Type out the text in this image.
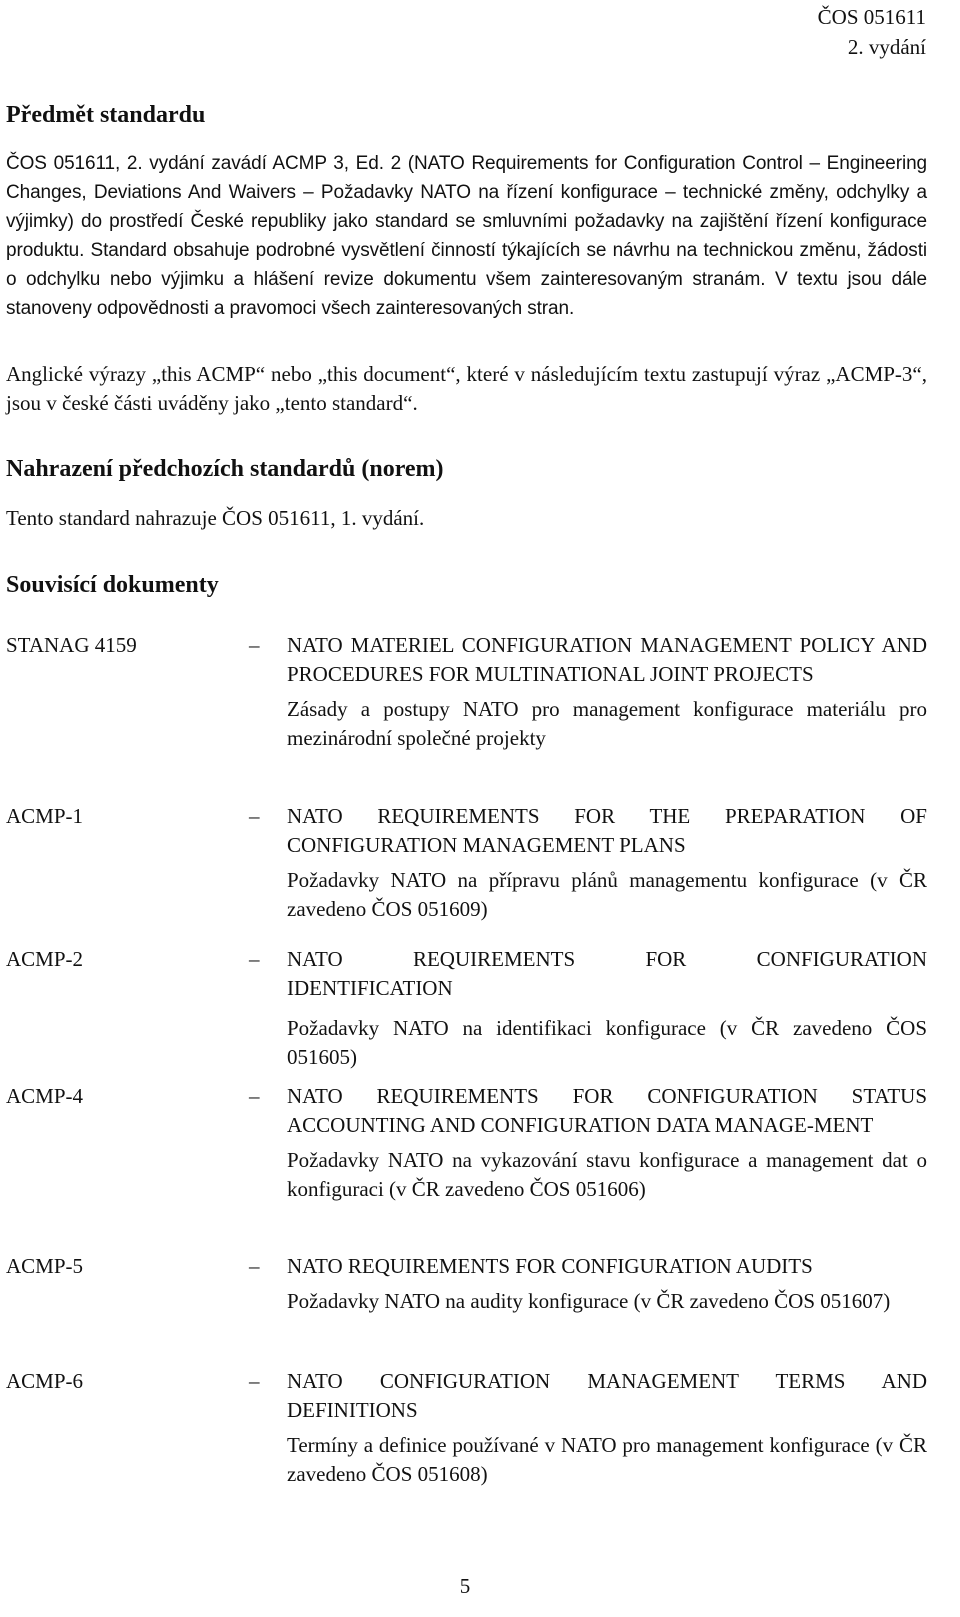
ČOS 051611
2. vydání
Předmět standardu

ČOS 051611, 2. vydání zavádí ACMP 3, Ed. 2 (NATO Requirements for Configuration Control – Engineering Changes, Deviations And Waivers – Požadavky NATO na řízení konfigurace – technické změny, odchylky a výjimky) do prostředí České republiky jako standard se smluvními požadavky na zajištění řízení konfigurace produktu. Standard obsahuje podrobné vysvětlení činností týkajících se návrhu na technickou změnu, žádosti o odchylku nebo výjimku a hlášení revize dokumentu všem zainteresovaným stranám. V textu jsou dále stanoveny odpovědnosti a pravomoci všech zainteresovaných stran.

Anglické výrazy „this ACMP“ nebo „this document“, které v následujícím textu zastupují výraz „ACMP-3“, jsou v české části uváděny jako „tento standard“.

Nahrazení předchozích standardů (norem)

Tento standard nahrazuje ČOS 051611, 1. vydání.

Souvisící dokumenty
STANAG 4159	– NATO MATERIEL CONFIGURATION MANAGEMENT POLICY AND PROCEDURES FOR MULTINATIONAL JOINT PROJECTS

Zásady a postupy NATO pro management konfigurace materiálu pro mezinárodní společné projekty

ACMP-1	– NATO REQUIREMENTS FOR THE PREPARATION OF CONFIGURATION MANAGEMENT PLANS

Požadavky NATO na přípravu plánů managementu konfigurace (v ČR zavedeno ČOS 051609)

ACMP-2	– NATO REQUIREMENTS FOR CONFIGURATION IDENTIFICATION

Požadavky NATO na identifikaci konfigurace (v ČR zavedeno ČOS 051605)

ACMP-4	– NATO REQUIREMENTS FOR CONFIGURATION STATUS ACCOUNTING AND CONFIGURATION DATA MANAGE-MENT

Požadavky NATO na vykazování stavu konfigurace a management dat o konfiguraci (v ČR zavedeno ČOS 051606)

ACMP-5	– NATO REQUIREMENTS FOR CONFIGURATION AUDITS

Požadavky NATO na audity konfigurace (v ČR zavedeno ČOS 051607)

ACMP-6	– NATO CONFIGURATION MANAGEMENT TERMS AND DEFINITIONS

Termíny a definice používané v NATO pro management konfigurace (v ČR zavedeno ČOS 051608)

5
